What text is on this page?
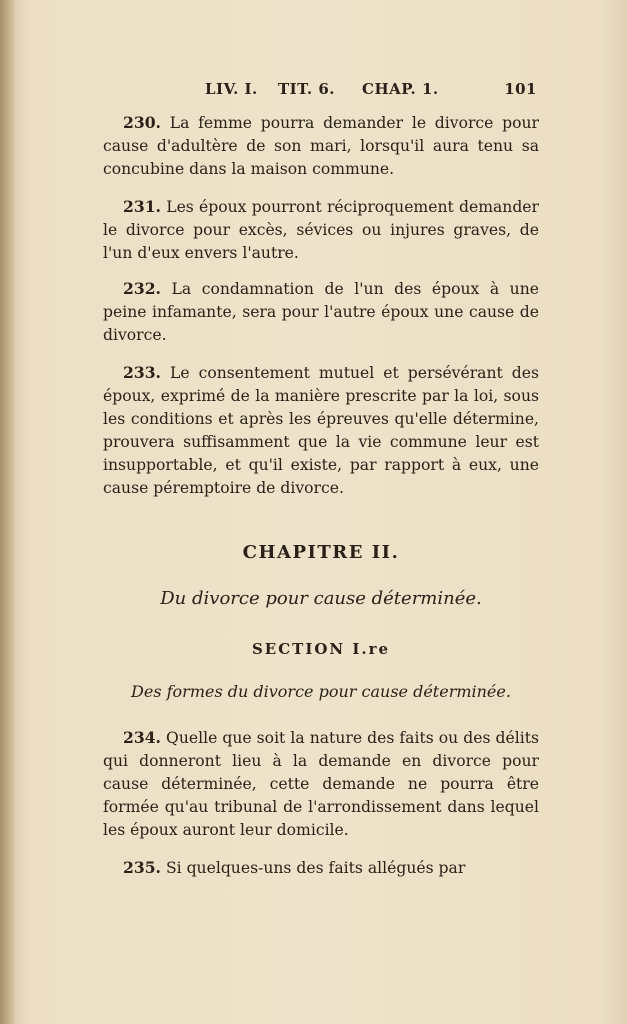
LIV. I. TIT. 6. CHAP. 1.	101
230. La femme pourra demander le divorce pour cause d'adultère de son mari, lorsqu'il aura tenu sa concubine dans la maison commune.
231. Les époux pourront réciproquement demander le divorce pour excès, sévices ou injures graves, de l'un d'eux envers l'autre.
232. La condamnation de l'un des époux à une peine infamante, sera pour l'autre époux une cause de divorce.
233. Le consentement mutuel et persévérant des époux, exprimé de la manière prescrite par la loi, sous les conditions et après les épreuves qu'elle détermine, prouvera suffisamment que la vie commune leur est insupportable, et qu'il existe, par rapport à eux, une cause péremptoire de divorce.
CHAPITRE II.
Du divorce pour cause déterminée.
SECTION I.re
Des formes du divorce pour cause déterminée.
234. Quelle que soit la nature des faits ou des délits qui donneront lieu à la demande en divorce pour cause déterminée, cette demande ne pourra être formée qu'au tribunal de l'arrondissement dans lequel les époux auront leur domicile.
235. Si quelques-uns des faits allégués par
